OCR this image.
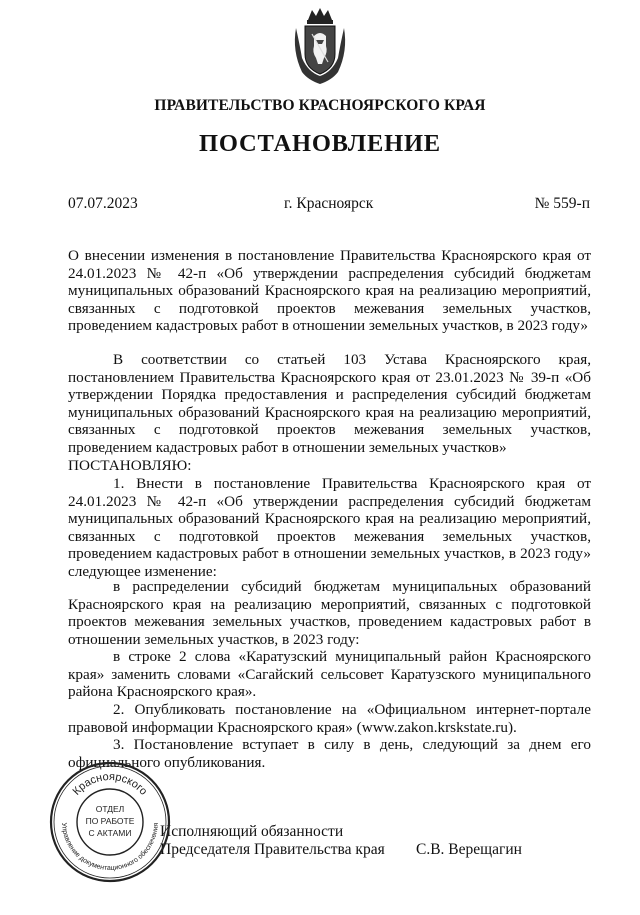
ПРАВИТЕЛЬСТВО КРАСНОЯРСКОГО КРАЯ
ПОСТАНОВЛЕНИЕ
07.07.2023	г. Красноярск	№ 559-п

О внесении изменения в постановление Правительства Красноярского края от 24.01.2023 № 42-п «Об утверждении распределения субсидий бюджетам муниципальных образований Красноярского края на реализацию мероприятий, связанных с подготовкой проектов межевания земельных участков, проведением кадастровых работ в отношении земельных участков, в 2023 году»

В соответствии со статьей 103 Устава Красноярского края, постановлением Правительства Красноярского края от 23.01.2023 № 39-п «Об утверждении Порядка предоставления и распределения субсидий бюджетам муниципальных образований Красноярского края на реализацию мероприятий, связанных с подготовкой проектов межевания земельных участков, проведением кадастровых работ в отношении земельных участков»

ПОСТАНОВЛЯЮ:

1. Внести в постановление Правительства Красноярского края от 24.01.2023 № 42-п «Об утверждении распределения субсидий бюджетам муниципальных образований Красноярского края на реализацию мероприятий, связанных с подготовкой проектов межевания земельных участков, проведением кадастровых работ в отношении земельных участков, в 2023 году» следующее изменение:

в распределении субсидий бюджетам муниципальных образований Красноярского края на реализацию мероприятий, связанных с подготовкой проектов межевания земельных участков, проведением кадастровых работ в отношении земельных участков, в 2023 году:

в строке 2 слова «Каратузский муниципальный район Красноярского края» заменить словами «Сагайский сельсовет Каратузского муниципального района Красноярского края».

2. Опубликовать постановление на «Официальном интернет-портале правовой информации Красноярского края» (www.zakon.krskstate.ru).

3. Постановление вступает в силу в день, следующий за днем его официального опубликования.

Исполняющий обязанности
Председателя Правительства края С.В. Верещагин
Красноярского
Управление документационного обеспечения
ОТДЕЛ
ПО РАБОТЕ
С АКТАМИ
